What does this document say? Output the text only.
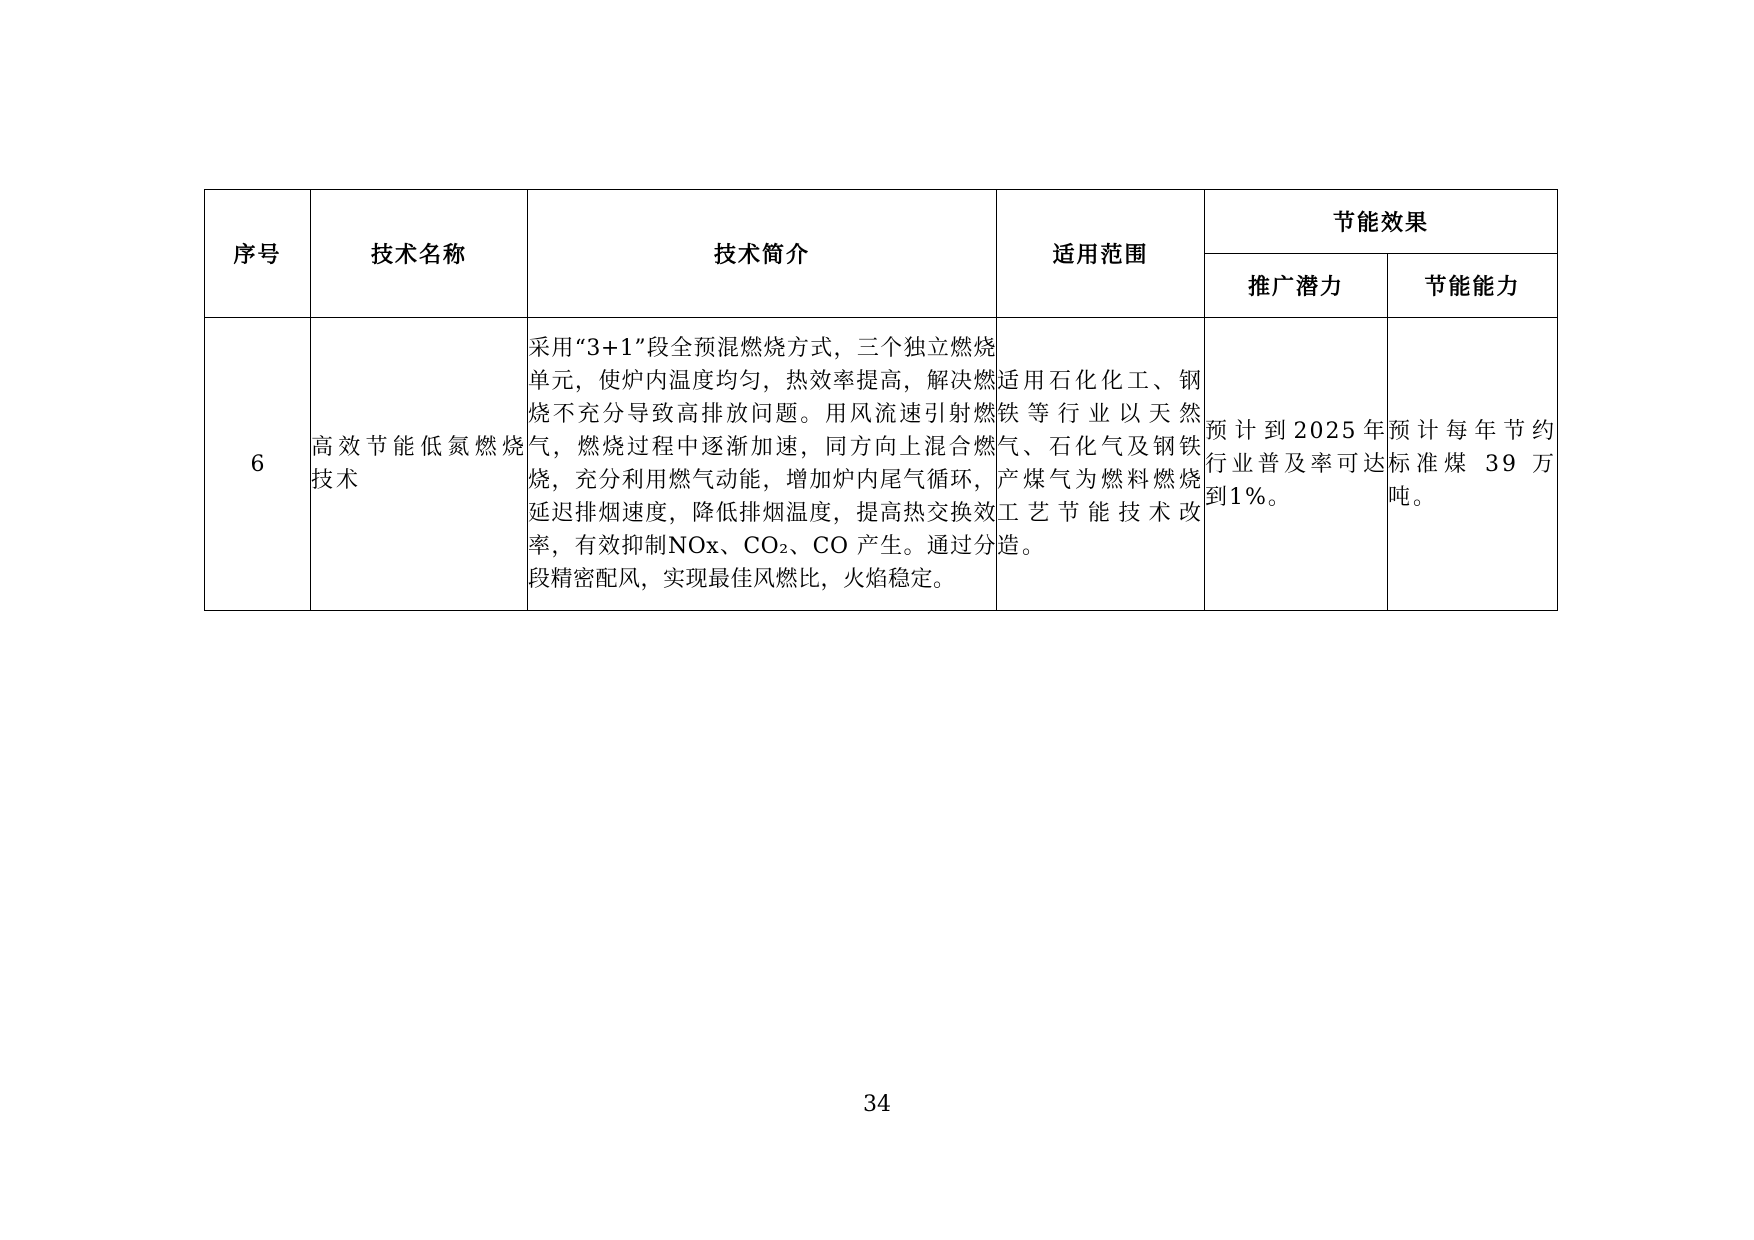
序号	技术名称	技术简介	适用范围	节能效果	
				推广潜力	节能能力
6	高效节能低氮燃烧技术	采用“3+1”段全预混燃烧方式，三个独立燃烧单元，使炉内温度均匀，热效率提高，解决燃烧不充分导致高排放问题。用风流速引射燃气，燃烧过程中逐渐加速，同方向上混合燃烧，充分利用燃气动能，增加炉内尾气循环，延迟排烟速度，降低排烟温度，提高热交换效率，有效抑制NOx、CO₂、CO 产生。通过分段精密配风，实现最佳风燃比，火焰稳定。	适用石化化工、钢铁等行业以天然气、石化气及钢铁产煤气为燃料燃烧工艺节能技术改造。	预计到2025年行业普及率可达到1%。	预计每年节约标准煤 39 万吨。
34
